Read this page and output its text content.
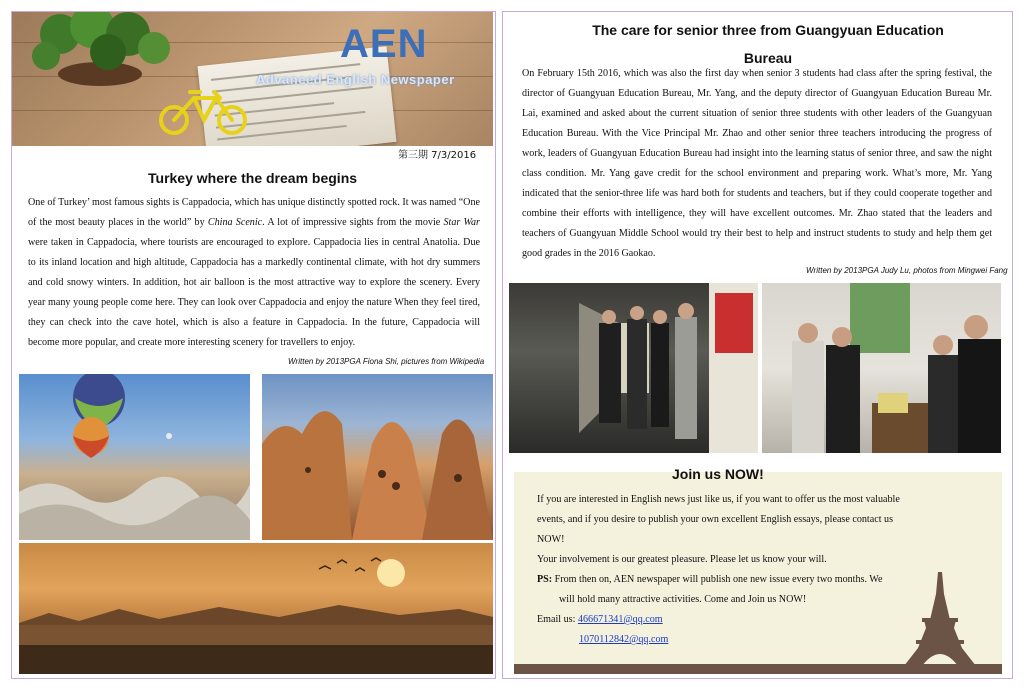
AEN
Advanced English Newspaper
第三期 7/3/2016
Turkey where the dream begins
One of Turkey’ most famous sights is Cappadocia, which has unique distinctly spotted rock. It was named “One of the most beauty places in the world” by China Scenic. A lot of impressive sights from the movie Star War were taken in Cappadocia, where tourists are encouraged to explore. Cappadocia lies in central Anatolia. Due to its inland location and high altitude, Cappadocia has a markedly continental climate, with hot dry summers and cold snowy winters. In addition, hot air balloon is the most attractive way to explore the scenery. Every year many young people come here. They can look over Cappadocia and enjoy the nature When they feel tired, they can check into the cave hotel, which is also a feature in Cappadocia. In the future, Cappadocia will become more popular, and create more interesting scenery for travellers to enjoy.
Written by 2013PGA Fiona Shi, pictures from Wikipedia
The care for senior three from Guangyuan Education Bureau
On February 15th 2016, which was also the first day when senior 3 students had class after the spring festival, the director of Guangyuan Education Bureau, Mr. Yang, and the deputy director of Guangyuan Education Bureau Mr. Lai, examined and asked about the current situation of senior three students with other leaders of the Guangyuan Education Bureau. With the Vice Principal Mr. Zhao and other senior three teachers introducing the progress of work, leaders of Guangyuan Education Bureau had insight into the learning status of senior three, and saw the night class condition. Mr. Yang gave credit for the school environment and preparing work. What’s more, Mr. Yang indicated that the senior-three life was hard both for students and teachers, but if they could cooperate together and combine their efforts with intelligence, they will have excellent outcomes. Mr. Zhao stated that the leaders and teachers of Guangyuan Middle School would try their best to help and instruct students to study and help them get good grades in the 2016 Gaokao.
Written by 2013PGA Judy Lu, photos from Mingwei Fang
Join us NOW!

If you are interested in English news just like us, if you want to offer us the most valuable events, and if you desire to publish your own excellent English essays, please contact us NOW!

Your involvement is our greatest pleasure. Please let us know your will.

PS: From then on, AEN newspaper will publish one new issue every two months. We

will hold many attractive activities. Come and Join us NOW!

Email us: 466671341@qq.com

1070112842@qq.com
